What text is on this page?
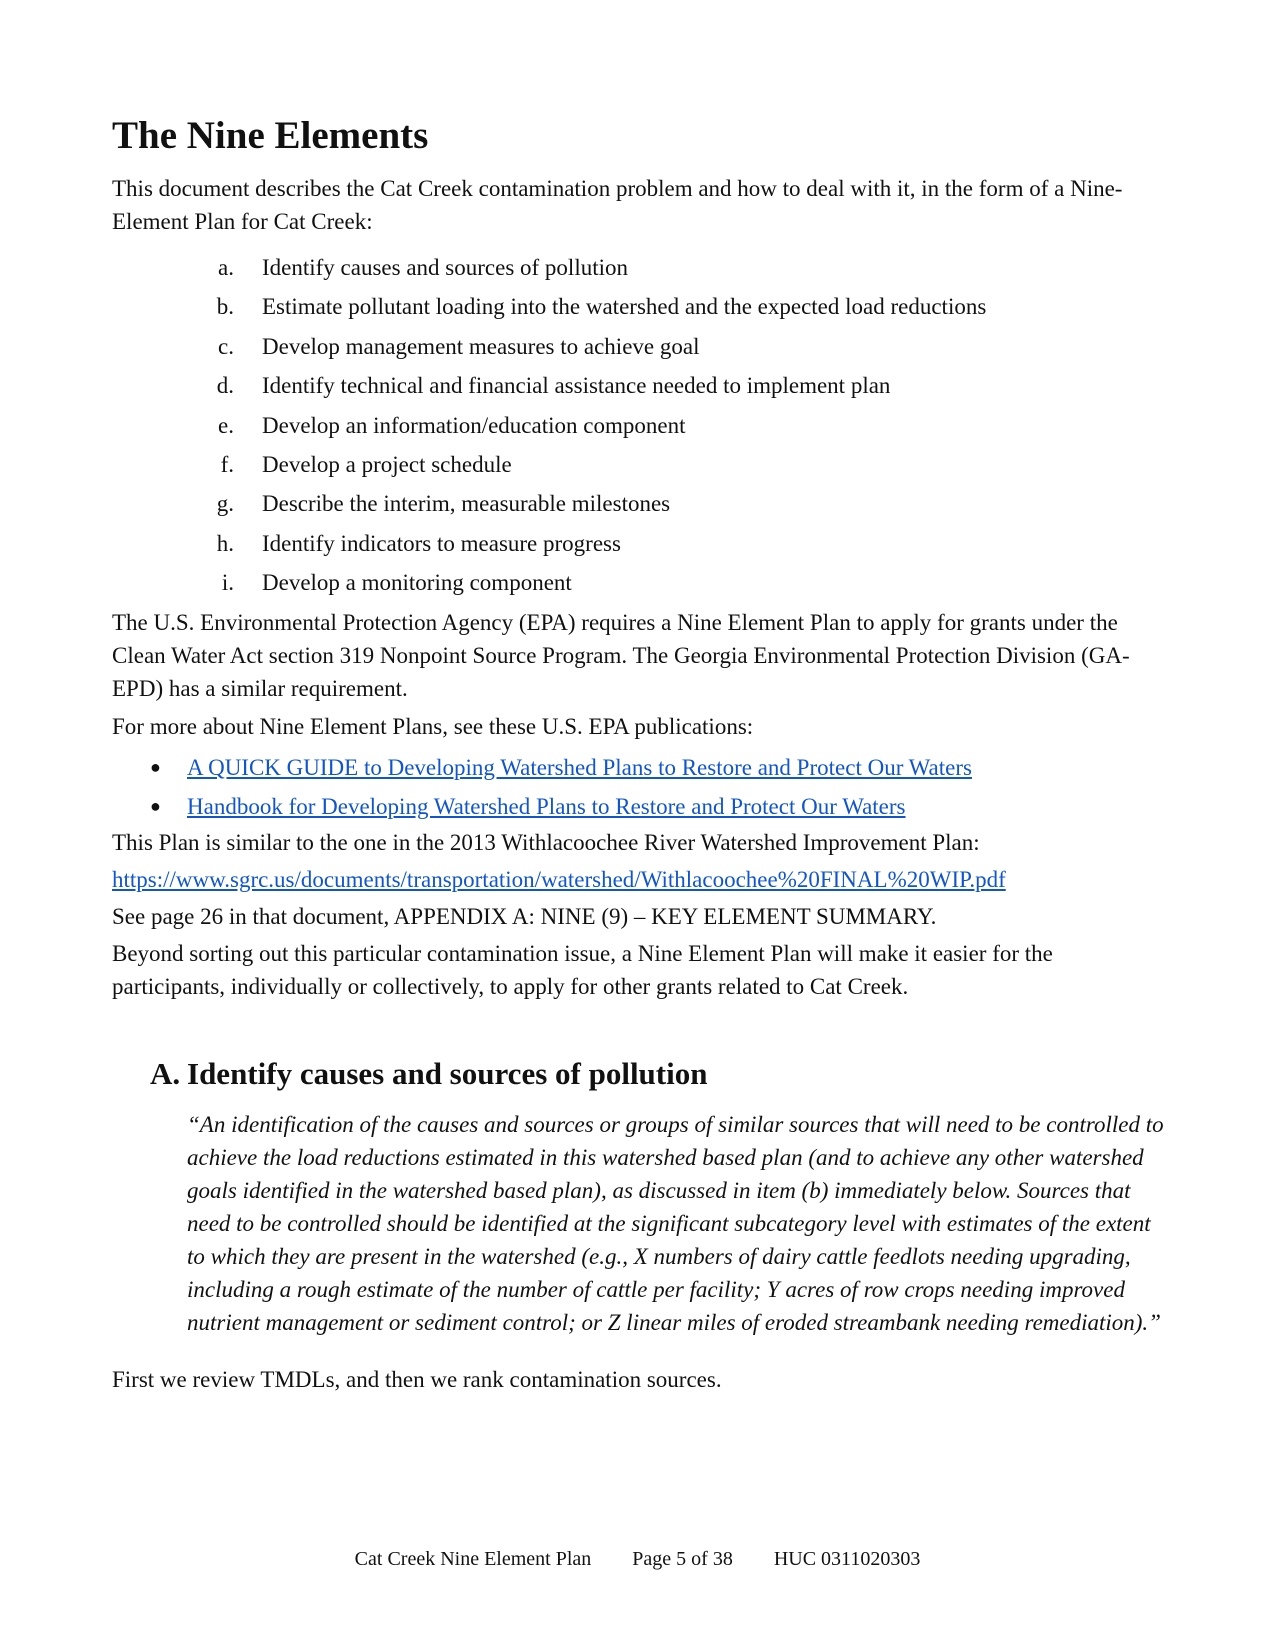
The Nine Elements

This document describes the Cat Creek contamination problem and how to deal with it, in the form of a Nine-Element Plan for Cat Creek:

a. Identify causes and sources of pollution
b. Estimate pollutant loading into the watershed and the expected load reductions
c. Develop management measures to achieve goal
d. Identify technical and financial assistance needed to implement plan
e. Develop an information/education component
f. Develop a project schedule
g. Describe the interim, measurable milestones
h. Identify indicators to measure progress
i. Develop a monitoring component

The U.S. Environmental Protection Agency (EPA) requires a Nine Element Plan to apply for grants under the Clean Water Act section 319 Nonpoint Source Program. The Georgia Environmental Protection Division (GA-EPD) has a similar requirement.

For more about Nine Element Plans, see these U.S. EPA publications:

● A QUICK GUIDE to Developing Watershed Plans to Restore and Protect Our Waters
● Handbook for Developing Watershed Plans to Restore and Protect Our Waters

This Plan is similar to the one in the 2013 Withlacoochee River Watershed Improvement Plan:

https://www.sgrc.us/documents/transportation/watershed/Withlacoochee%20FINAL%20WIP.pdf

See page 26 in that document, APPENDIX A: NINE (9) – KEY ELEMENT SUMMARY.

Beyond sorting out this particular contamination issue, a Nine Element Plan will make it easier for the participants, individually or collectively, to apply for other grants related to Cat Creek.

A. Identify causes and sources of pollution

“An identification of the causes and sources or groups of similar sources that will need to be controlled to achieve the load reductions estimated in this watershed based plan (and to achieve any other watershed goals identified in the watershed based plan), as discussed in item (b) immediately below. Sources that need to be controlled should be identified at the significant subcategory level with estimates of the extent to which they are present in the watershed (e.g., X numbers of dairy cattle feedlots needing upgrading, including a rough estimate of the number of cattle per facility; Y acres of row crops needing improved nutrient management or sediment control; or Z linear miles of eroded streambank needing remediation).”

First we review TMDLs, and then we rank contamination sources.

Cat Creek Nine Element Plan Page 5 of 38 HUC 0311020303
